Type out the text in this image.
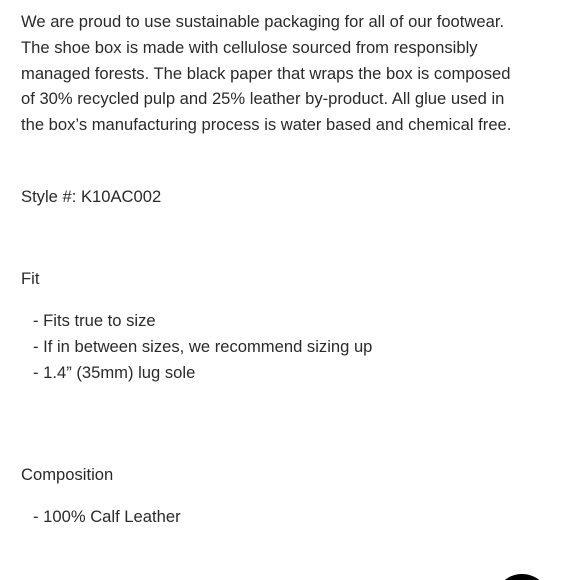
We are proud to use sustainable packaging for all of our footwear.
The shoe box is made with cellulose sourced from responsibly
managed forests. The black paper that wraps the box is composed
of 30% recycled pulp and 25% leather by-product. All glue used in
the box’s manufacturing process is water based and chemical free.

Style #: K10AC002

Fit
- Fits true to size
- If in between sizes, we recommend sizing up
- 1.4” (35mm) lug sole
Composition
- 100% Calf Leather
